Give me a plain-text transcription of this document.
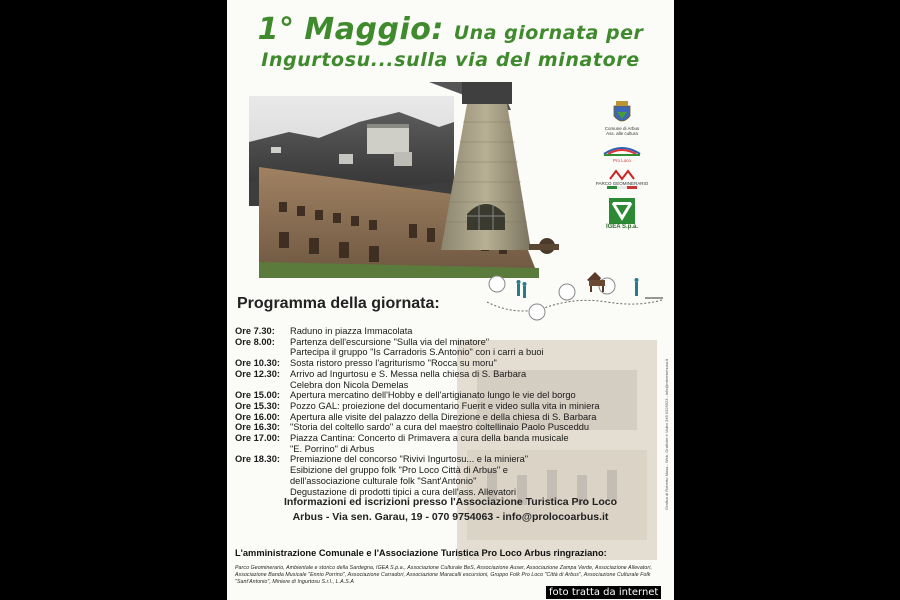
1° Maggio: Una giornata per
Ingurtosu...sulla via del minatore
Comune di Arbus
Ass. alle cultura
Pro Loco
PARCO GEOMINERARIO
IGEA S.p.a.
Programma della giornata:
Ore 7.30:	Raduno in piazza Immacolata
Ore 8.00:	Partenza dell'escursione "Sulla via del minatore"
Partecipa il gruppo "Is Carradoris S.Antonio" con i carri a buoi
Ore 10.30:	Sosta ristoro presso l'agriturismo "Rocca su moru"
Ore 12.30:	Arrivo ad Ingurtosu e S. Messa nella chiesa di S. Barbara
Celebra don Nicola Demelas
Ore 15.00:	Apertura mercatino dell'Hobby e dell'artigianato lungo le vie del borgo
Ore 15.30:	Pozzo GAL: proiezione del documentario Fuerit e video sulla vita in miniera
Ore 16.00:	Apertura alle visite del palazzo della Direzione e della chiesa di S. Barbara
Ore 16.30:	"Storia del coltello sardo" a cura del maestro coltellinaio Paolo Puscedd​u
Ore 17.00:	Piazza Cantina: Concerto di Primavera a cura della banda musicale
"E. Porrino" di Arbus
Ore 18.30:	Premiazione del concorso "Rivivi Ingurtosu... e la miniera"
Esibizione del gruppo folk "Pro Loco Città di Arbus" e
dell'associazione culturale folk "Sant'Antonio"
Degustazione di prodotti tipici a cura dell'ass. Allevatori	Grafica di Roberto Musa - Web, Grafiche e Video 349 5325923 - info@robertomusa.it
Informazioni ed iscrizioni presso l'Associazione Turistica Pro Loco
Arbus - Via sen. Garau, 19 - 070 9754063 - info@prolocoarbus.it
L'amministrazione Comunale e l'Associazione Turistica Pro Loco Arbus ringraziano:
Parco Geominerario, Ambientale e storico della Sardegna, IGEA S.p.a., Associazione Culturale BeS, Associazione Auser, Associazione Zampa Verde, Associazione Allevatori, Associazione Banda Musicale "Ennio Porrino", Associazione Carradori, Associazione Maracalli escursioni, Gruppo Folk Pro Loco "Città di Arbus", Associazione Culturale Folk "Sant'Antonio", Miniere di Ingurtosu S.r.l., L.A.S.A
foto tratta da internet
